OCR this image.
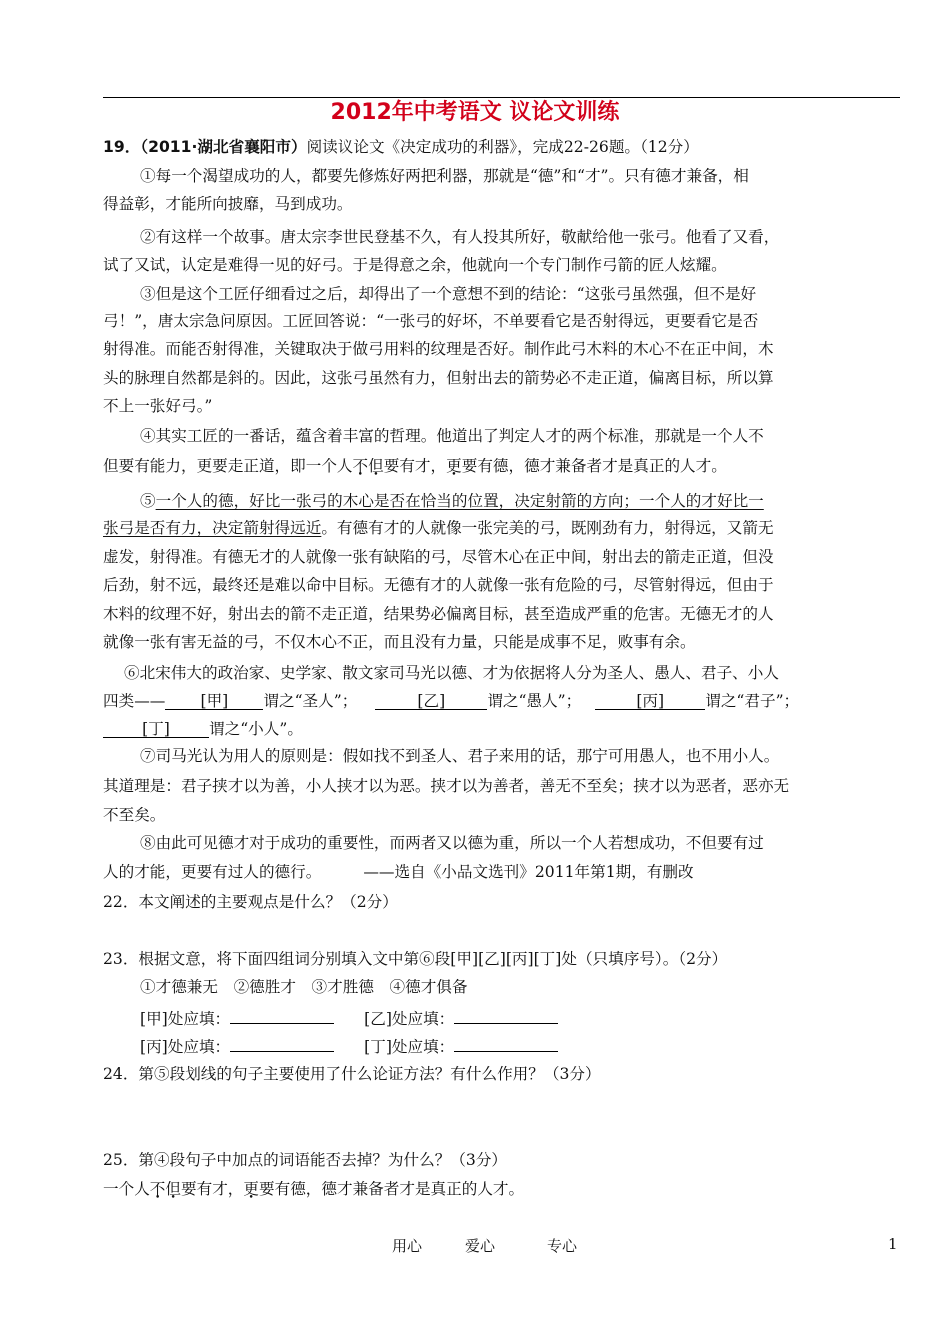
2012年中考语文 议论文训练
19．（2011·湖北省襄阳市）阅读议论文《决定成功的利器》，完成22-26题。（12分）
①每一个渴望成功的人，都要先修炼好两把利器，那就是“德”和“才”。只有德才兼备，相
得益彰，才能所向披靡，马到成功。
②有这样一个故事。唐太宗李世民登基不久，有人投其所好，敬献给他一张弓。他看了又看，
试了又试，认定是难得一见的好弓。于是得意之余，他就向一个专门制作弓箭的匠人炫耀。
③但是这个工匠仔细看过之后，却得出了一个意想不到的结论：“这张弓虽然强，但不是好
弓！”，唐太宗急问原因。工匠回答说：“一张弓的好坏，不单要看它是否射得远，更要看它是否
射得准。而能否射得准，关键取决于做弓用料的纹理是否好。制作此弓木料的木心不在正中间，木
头的脉理自然都是斜的。因此，这张弓虽然有力，但射出去的箭势必不走正道，偏离目标，所以算
不上一张好弓。”
④其实工匠的一番话，蕴含着丰富的哲理。他道出了判定人才的两个标准，那就是一个人不
但要有能力，更要走正道，即一个人不但要有才，更要有德，德才兼备者才是真正的人才。
⑤一个人的德，好比一张弓的木心是否在恰当的位置，决定射箭的方向；一个人的才好比一
张弓是否有力，决定箭射得远近。有德有才的人就像一张完美的弓，既刚劲有力，射得远，又箭无
虚发，射得准。有德无才的人就像一张有缺陷的弓，尽管木心在正中间，射出去的箭走正道，但没
后劲，射不远，最终还是难以命中目标。无德有才的人就像一张有危险的弓，尽管射得远，但由于
木料的纹理不好，射出去的箭不走正道，结果势必偏离目标，甚至造成严重的危害。无德无才的人
就像一张有害无益的弓，不仅木心不正，而且没有力量，只能是成事不足，败事有余。
⑥北宋伟大的政治家、史学家、散文家司马光以德、才为依据将人分为圣人、愚人、君子、小人
四类—— [甲] 谓之“圣人”；	[乙]	谓之“愚人”；	[丙]	谓之“君子”；
[丁]	谓之“小人”。
⑦司马光认为用人的原则是：假如找不到圣人、君子来用的话，那宁可用愚人，也不用小人。
其道理是：君子挟才以为善，小人挟才以为恶。挟才以为善者，善无不至矣；挟才以为恶者，恶亦无
不至矣。
⑧由此可见德才对于成功的重要性，而两者又以德为重，所以一个人若想成功，不但要有过
人的才能，更要有过人的德行。	——选自《小品文选刊》2011年第1期，有删改
22．本文阐述的主要观点是什么？（2分）
23．根据文意，将下面四组词分别填入文中第⑥段[甲][乙][丙][丁]处（只填序号）。（2分）
①才德兼无　②德胜才　③才胜德　④德才俱备
[甲]处应填：	[乙]处应填：
[丙]处应填：	[丁]处应填：
24．第⑤段划线的句子主要使用了什么论证方法？有什么作用？（3分）
25．第④段句子中加点的词语能否去掉？为什么？（3分）
一个人不但要有才，更要有德，德才兼备者才是真正的人才。
用心	爱心	专心	1
